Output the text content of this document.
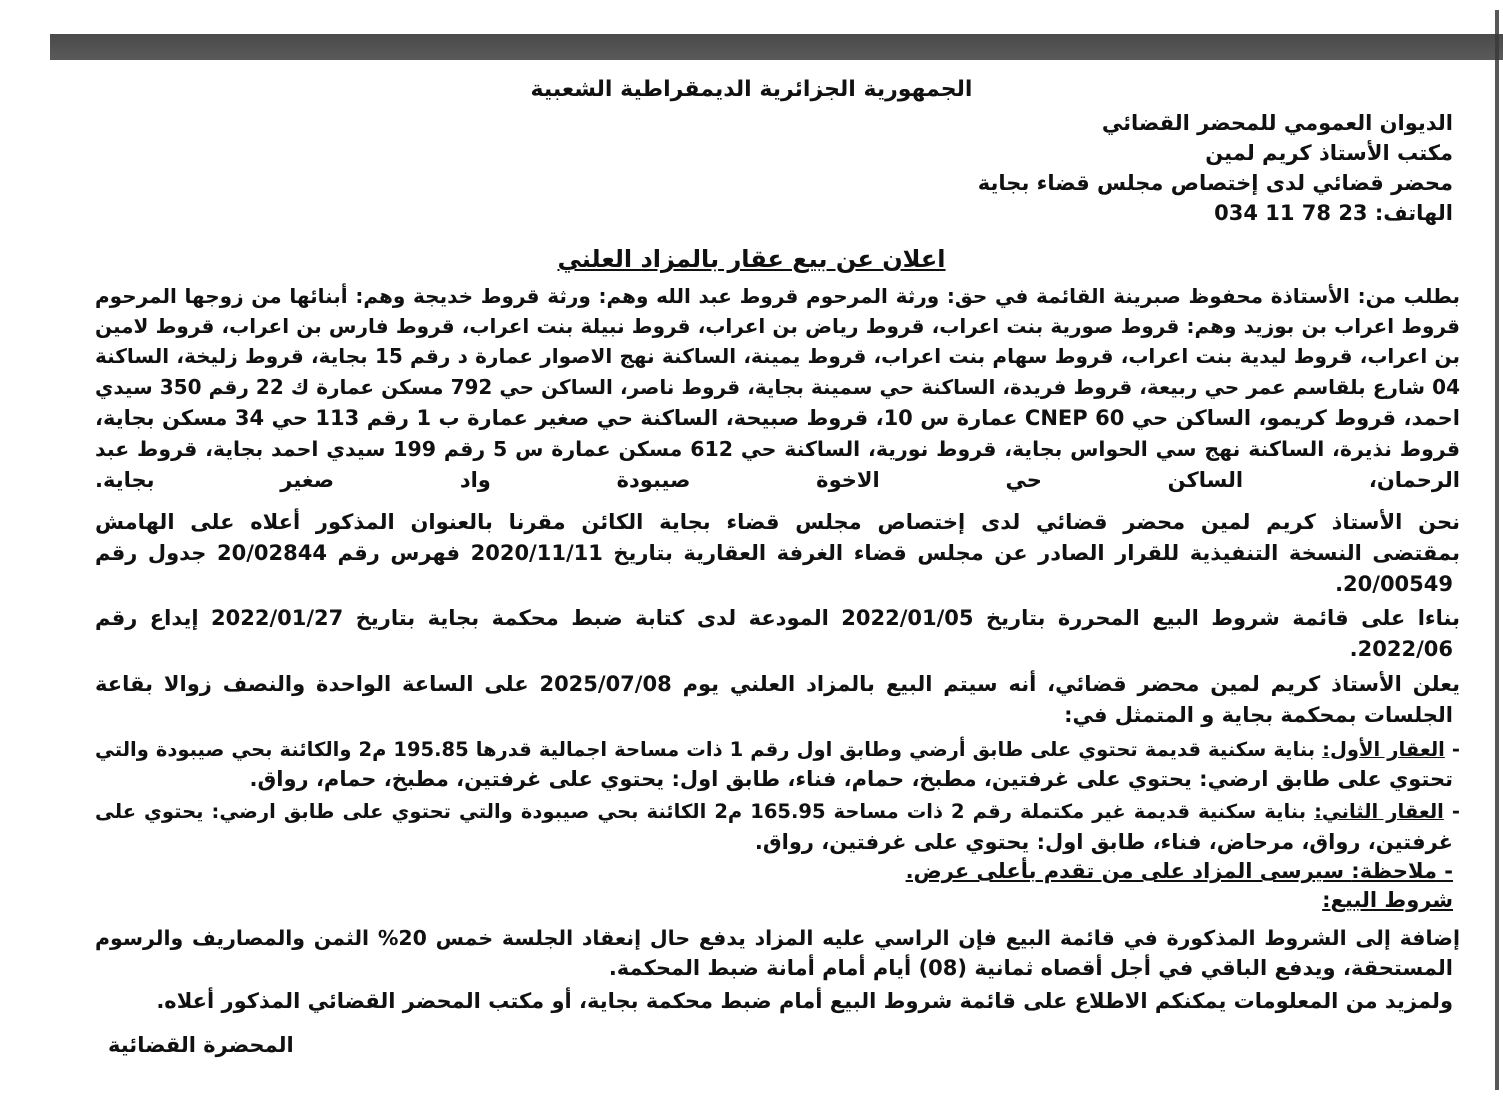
الجمهورية الجزائرية الديمقراطية الشعبية

الديوان العمومي للمحضر القضائي

مكتب الأستاذ كريم لمين

محضر قضائي لدى إختصاص مجلس قضاء بجاية

الهاتف: 034 11 78 23

اعلان عن بيع عقار بالمزاد العلني

بطلب من: الأستاذة محفوظ صبرينة القائمة في حق: ورثة المرحوم قروط عبد الله وهم: ورثة قروط خديجة وهم: أبنائها من زوجها المرحوم

قروط اعراب بن بوزيد وهم: قروط صورية بنت اعراب، قروط رياض بن اعراب، قروط نبيلة بنت اعراب، قروط فارس بن اعراب، قروط لامين

بن اعراب، قروط ليدية بنت اعراب، قروط سهام بنت اعراب، قروط يمينة، الساكنة نهج الاصوار عمارة د رقم 15 بجاية، قروط زليخة، الساكنة

04 شارع بلقاسم عمر حي ربيعة، قروط فريدة، الساكنة حي سمينة بجاية، قروط ناصر، الساكن حي 792 مسكن عمارة ك 22 رقم 350 سيدي

احمد، قروط كريمو، الساكن حي CNEP 60 عمارة س 10، قروط صبيحة، الساكنة حي صغير عمارة ب 1 رقم 113 حي 34 مسكن بجاية،

قروط نذيرة، الساكنة نهج سي الحواس بجاية، قروط نورية، الساكنة حي 612 مسكن عمارة س 5 رقم 199 سيدي احمد بجاية، قروط عبد

الرحمان، الساكن حي الاخوة صيبودة واد صغير بجاية.

نحن الأستاذ كريم لمين محضر قضائي لدى إختصاص مجلس قضاء بجاية الكائن مقرنا بالعنوان المذكور أعلاه على الهامش

بمقتضى النسخة التنفيذية للقرار الصادر عن مجلس قضاء الغرفة العقارية بتاريخ 2020/11/11 فهرس رقم 20/02844 جدول رقم

20/00549.

بناءا على قائمة شروط البيع المحررة بتاريخ 2022/01/05 المودعة لدى كتابة ضبط محكمة بجاية بتاريخ 2022/01/27 إيداع رقم

2022/06.

يعلن الأستاذ كريم لمين محضر قضائي، أنه سيتم البيع بالمزاد العلني يوم 2025/07/08 على الساعة الواحدة والنصف زوالا بقاعة

الجلسات بمحكمة بجاية و المتمثل في:

- العقار الأول: بناية سكنية قديمة تحتوي على طابق أرضي وطابق اول رقم 1 ذات مساحة اجمالية قدرها 195.85 م2 والكائنة بحي صيبودة والتي

تحتوي على طابق ارضي: يحتوي على غرفتين، مطبخ، حمام، فناء، طابق اول: يحتوي على غرفتين، مطبخ، حمام، رواق.

- العقار الثاني: بناية سكنية قديمة غير مكتملة رقم 2 ذات مساحة 165.95 م2 الكائنة بحي صيبودة والتي تحتوي على طابق ارضي: يحتوي على

غرفتين، رواق، مرحاض، فناء، طابق اول: يحتوي على غرفتين، رواق.

- ملاحظة: سيرسى المزاد على من تقدم بأعلى عرض.

شروط البيع:

إضافة إلى الشروط المذكورة في قائمة البيع فإن الراسي عليه المزاد يدفع حال إنعقاد الجلسة خمس 20% الثمن والمصاريف والرسوم

المستحقة، ويدفع الباقي في أجل أقصاه ثمانية (08) أيام أمام أمانة ضبط المحكمة.

ولمزيد من المعلومات يمكنكم الاطلاع على قائمة شروط البيع أمام ضبط محكمة بجاية، أو مكتب المحضر القضائي المذكور أعلاه.

المحضرة القضائية
